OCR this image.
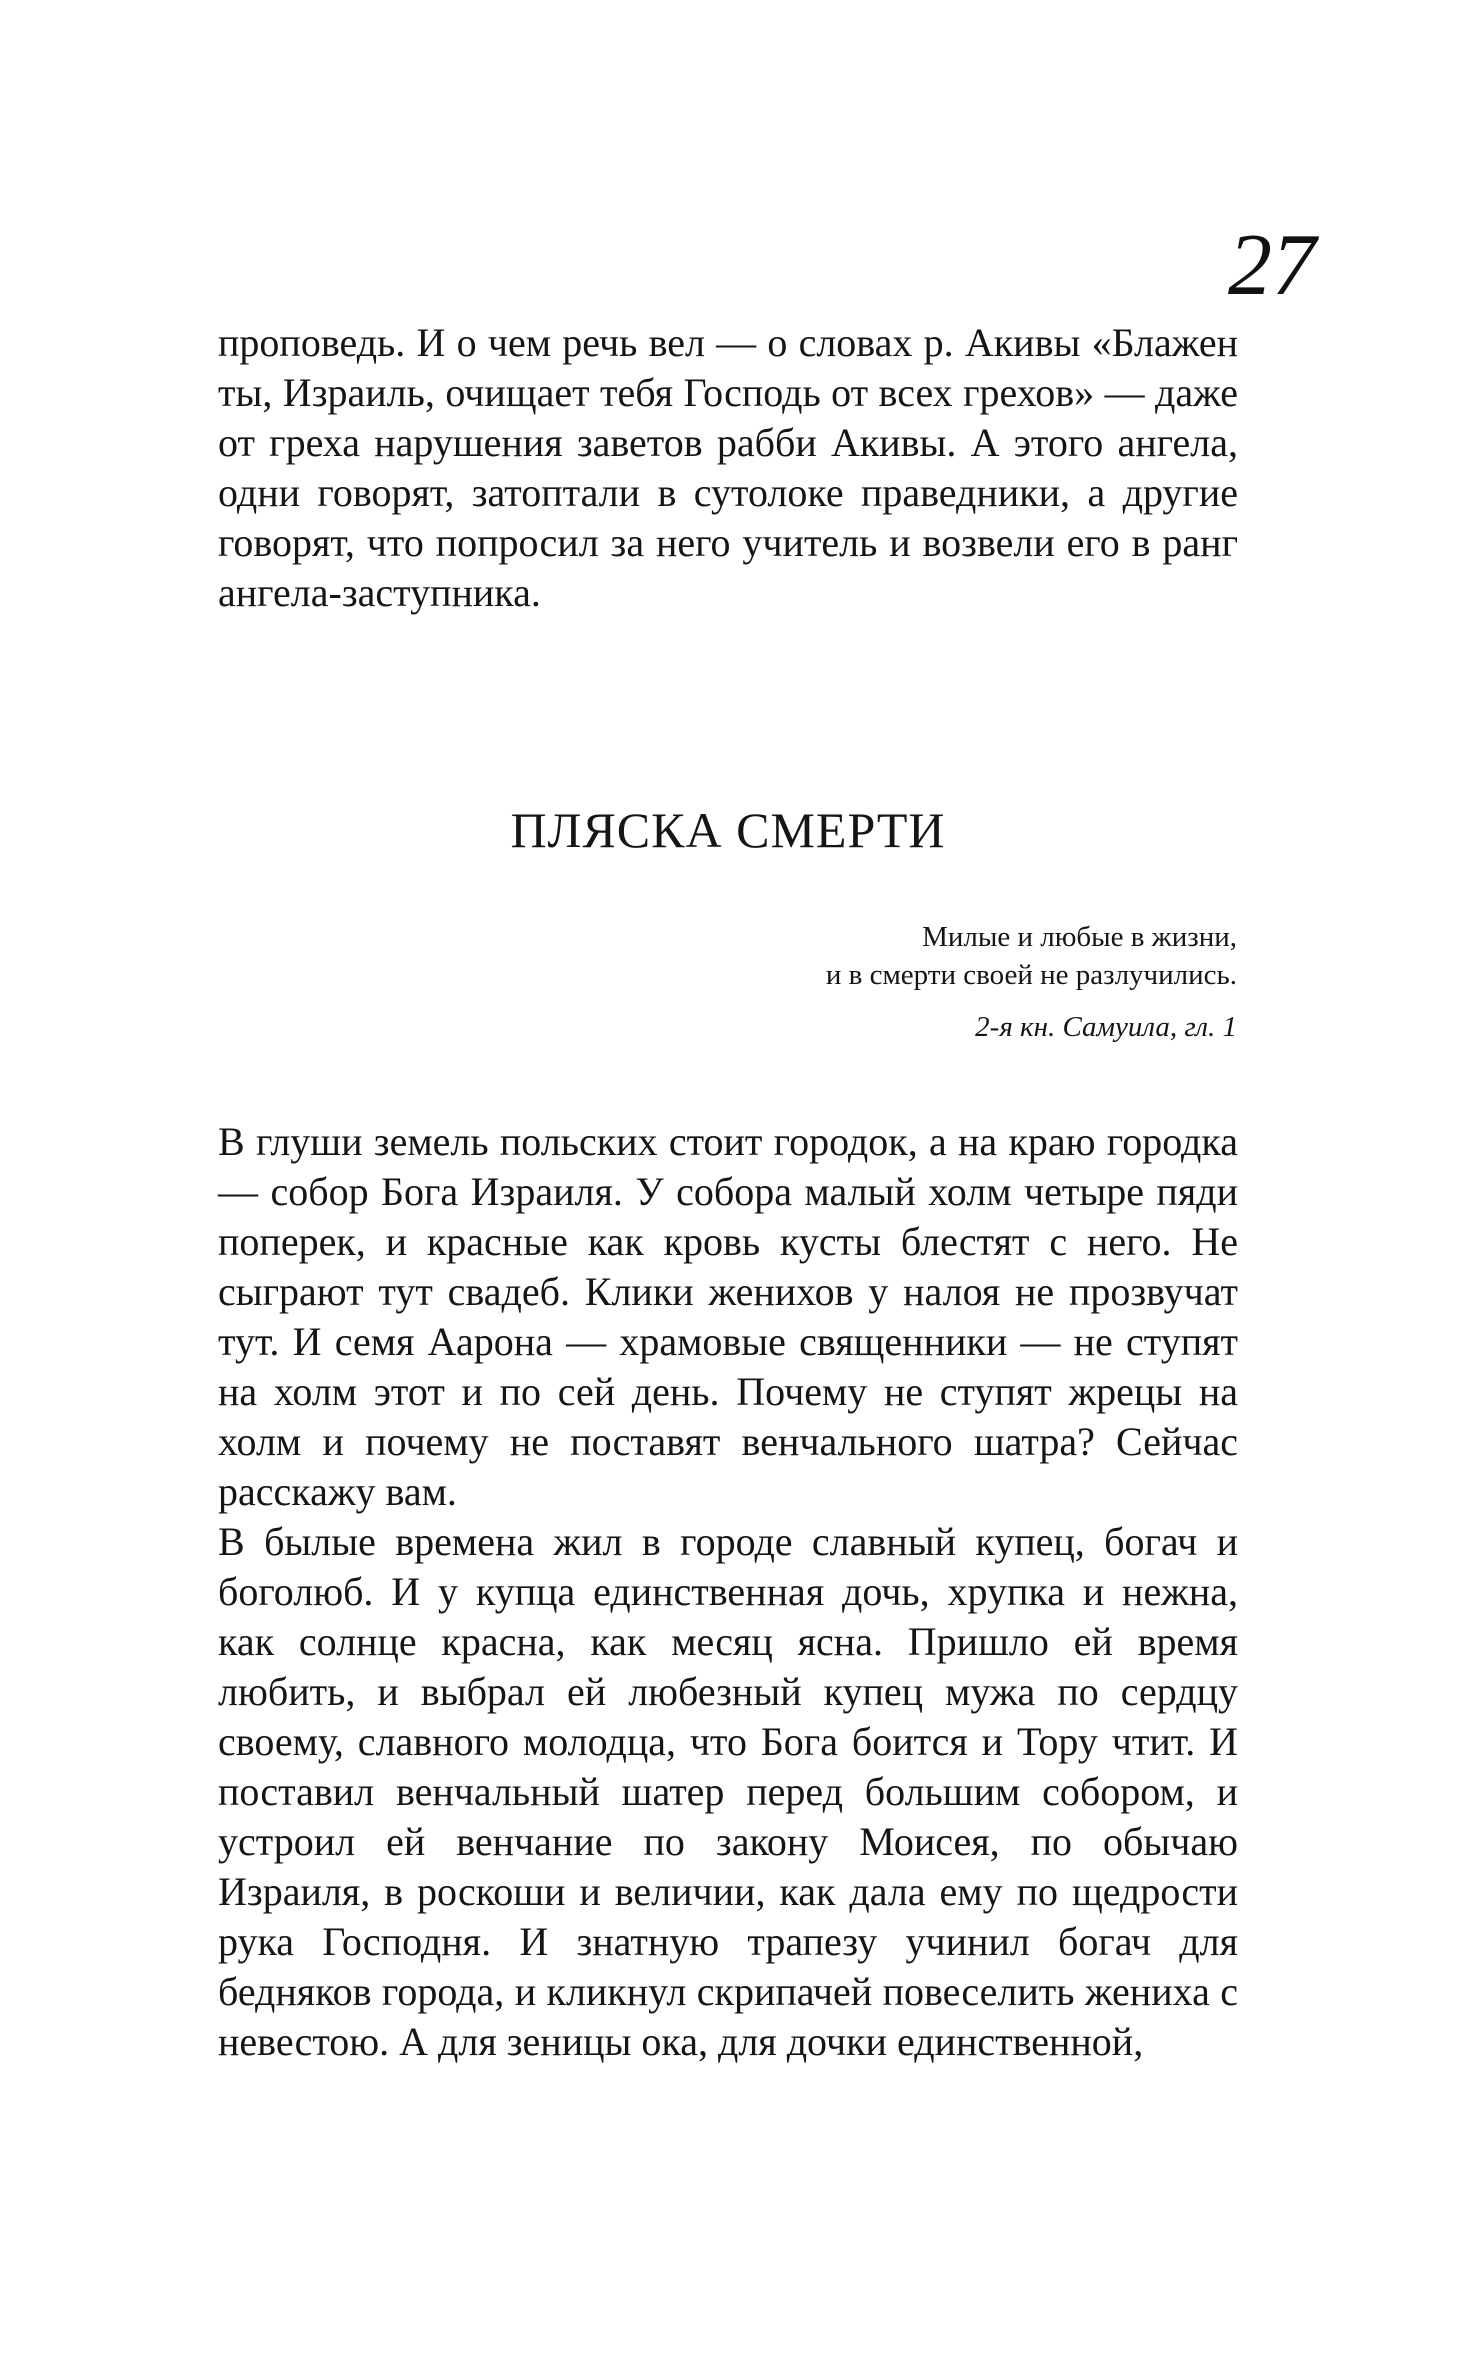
27

проповедь. И о чем речь вел — о словах р. Акивы «Блажен ты, Израиль, очищает тебя Господь от всех грехов» — даже от греха нарушения заветов рабби Акивы. А этого ангела, одни говорят, затоптали в сутолоке праведники, а другие говорят, что попросил за него учитель и возвели его в ранг ангела-заступника.

ПЛЯСКА СМЕРТИ
Милые и любые в жизни,
и в смерти своей не разлучились.
2-я кн. Самуила, гл. 1

В глуши земель польских стоит городок, а на краю городка — собор Бога Израиля. У собора малый холм четыре пяди поперек, и красные как кровь кусты блестят с него. Не сыграют тут свадеб. Клики женихов у налоя не прозвучат тут. И семя Аарона — храмовые священники — не ступят на холм этот и по сей день. Почему не ступят жрецы на холм и почему не поставят венчального шатра? Сейчас расскажу вам.

В былые времена жил в городе славный купец, богач и боголюб. И у купца единственная дочь, хрупка и нежна, как солнце красна, как месяц ясна. Пришло ей время любить, и выбрал ей любезный купец мужа по сердцу своему, славного молодца, что Бога боится и Тору чтит. И поставил венчальный шатер перед большим собором, и устроил ей венчание по закону Моисея, по обычаю Израиля, в роскоши и величии, как дала ему по щедрости рука Господня. И знатную трапезу учинил богач для бедняков города, и кликнул скрипачей повеселить жениха с невестою. А для зеницы ока, для дочки единственной,
